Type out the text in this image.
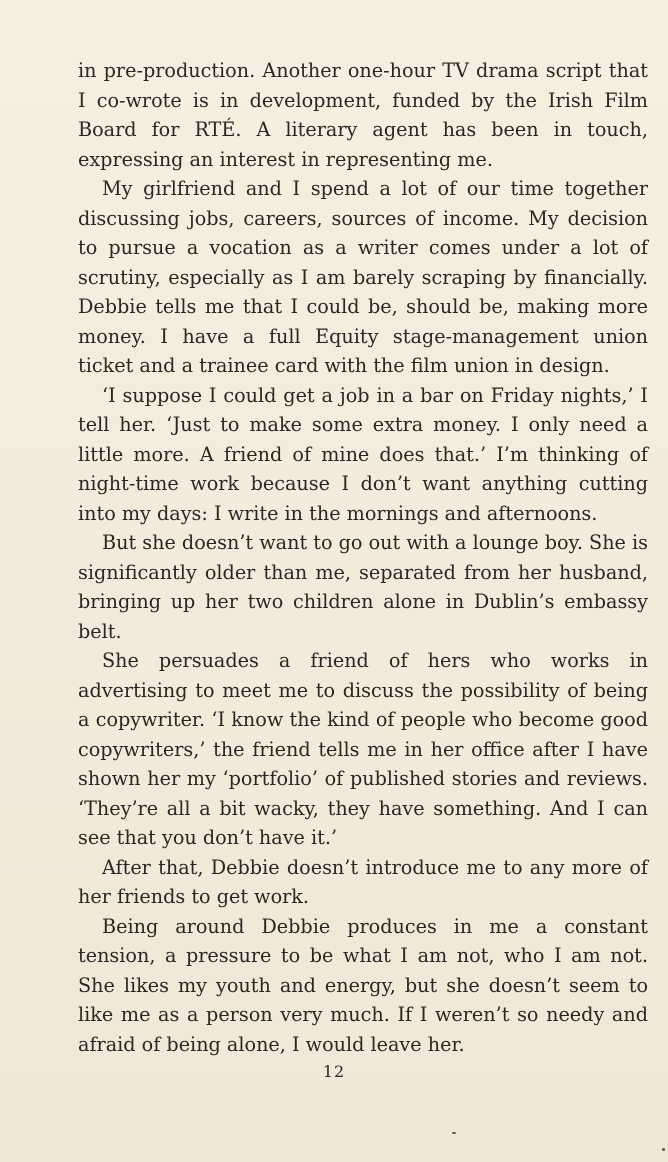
in pre-production. Another one-hour TV drama script that I co-wrote is in development, funded by the Irish Film Board for RTÉ. A literary agent has been in touch, expressing an interest in representing me.

My girlfriend and I spend a lot of our time together discussing jobs, careers, sources of income. My decision to pursue a vocation as a writer comes under a lot of scrutiny, especially as I am barely scraping by financially. Debbie tells me that I could be, should be, making more money. I have a full Equity stage-management union ticket and a trainee card with the film union in design.

‘I suppose I could get a job in a bar on Friday nights,’ I tell her. ‘Just to make some extra money. I only need a little more. A friend of mine does that.’ I’m thinking of night-time work because I don’t want anything cutting into my days: I write in the mornings and afternoons.

But she doesn’t want to go out with a lounge boy. She is significantly older than me, separated from her husband, bringing up her two children alone in Dublin’s embassy belt.

She persuades a friend of hers who works in advertising to meet me to discuss the possibility of being a copywriter. ‘I know the kind of people who become good copywriters,’ the friend tells me in her office after I have shown her my ‘portfolio’ of published stories and reviews. ‘They’re all a bit wacky, they have something. And I can see that you don’t have it.’

After that, Debbie doesn’t introduce me to any more of her friends to get work.

Being around Debbie produces in me a constant tension, a pressure to be what I am not, who I am not. She likes my youth and energy, but she doesn’t seem to like me as a person very much. If I weren’t so needy and afraid of being alone, I would leave her.

12
